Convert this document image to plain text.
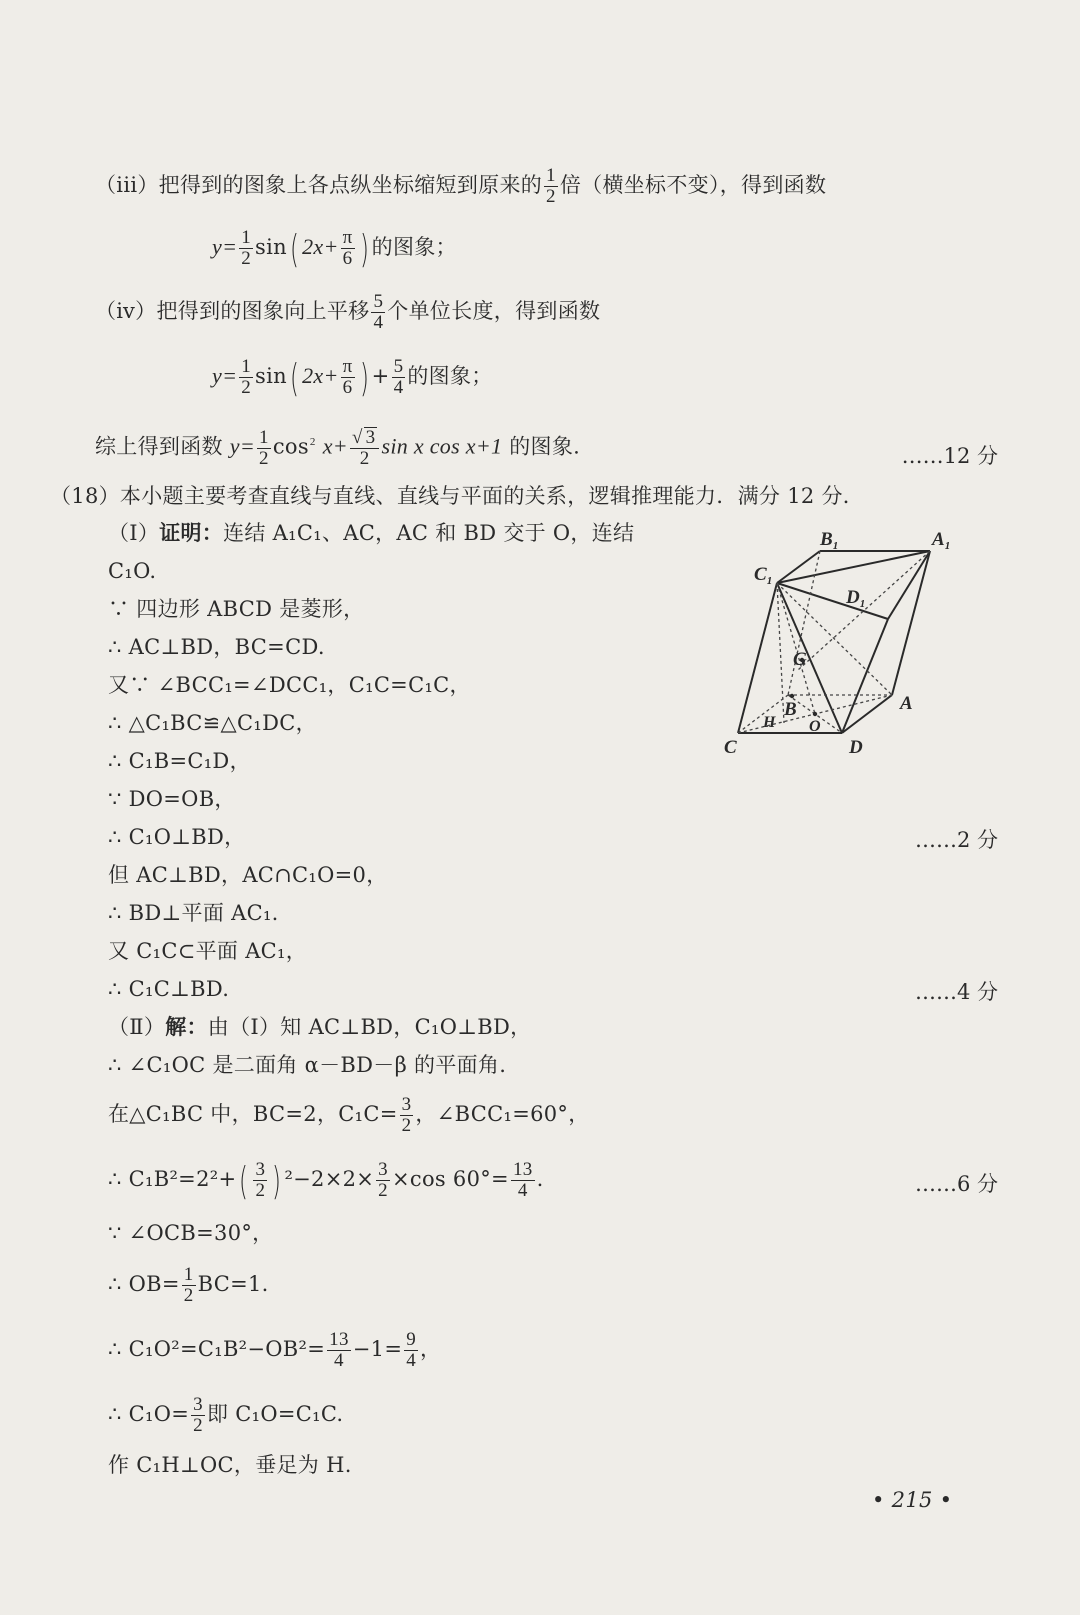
（iii）把得到的图象上各点纵坐标缩短到原来的 $\frac{1}{2}$ 倍（横坐标不变），得到函数
$y= \frac{1}{2} \sin$( $2x+ \frac{\pi}{6}$ ) 的图象；
（ⅳ）把得到的图象向上平移 $\frac{5}{4}$ 个单位长度，得到函数
$y= \frac{1}{2} \sin$( $2x+ \frac{\pi}{6}$ ) + $\frac{5}{4}$ 的图象；
综上得到函数 $y= \frac{1}{2} \cos^2 x+ \frac{√ 3}{2}$ sin x cos x+1 的图象.	……12 分
（18）本小题主要考查直线与直线、直线与平面的关系，逻辑推理能力．满分 12 分．
（Ⅰ）证明：连结 A₁C₁、AC，AC 和 BD 交于 O，连结
C₁O.
∵ 四边形 ABCD 是菱形，
∴ AC⊥BD，BC=CD.
又∵ ∠BCC₁=∠DCC₁，C₁C=C₁C，
∴ △C₁BC≌△C₁DC，
∴ C₁B=C₁D，
∵ DO=OB，
∴ C₁O⊥BD，	……2 分
但 AC⊥BD，AC∩C₁O=0，
∴ BD⊥平面 AC₁.
又 C₁C⊂平面 AC₁，
∴ C₁C⊥BD.	……4 分
（Ⅱ）解：由（Ⅰ）知 AC⊥BD，C₁O⊥BD，
∴ ∠C₁OC 是二面角 α－BD－β 的平面角.
在△C₁BC 中，BC=2，$C_1C= \frac{3}{2}$ ，∠BCC₁=60°，
∴ $C_1B^2=2^2+( \frac{3}{2}$ ) $^2-2\times 2\times \frac{3}{2} \times\cos$ $60^\circ= \frac{13}{4}$ .	……6 分
∵ ∠OCB=30°，
∴ $OB= \frac{1}{2} BC=1$.
∴ $C_1O^2=C_1B^2-OB^2= \frac{13}{4} -1= \frac{9}{4}$ ，
∴ $C_1O= \frac{3}{2}$ 即 C₁O=C₁C.
作 C₁H⊥OC，垂足为 H.
• 215 •
$B_1$	$A_1$
$C_1$
$D_1$
G
A
B
H O
C	D
